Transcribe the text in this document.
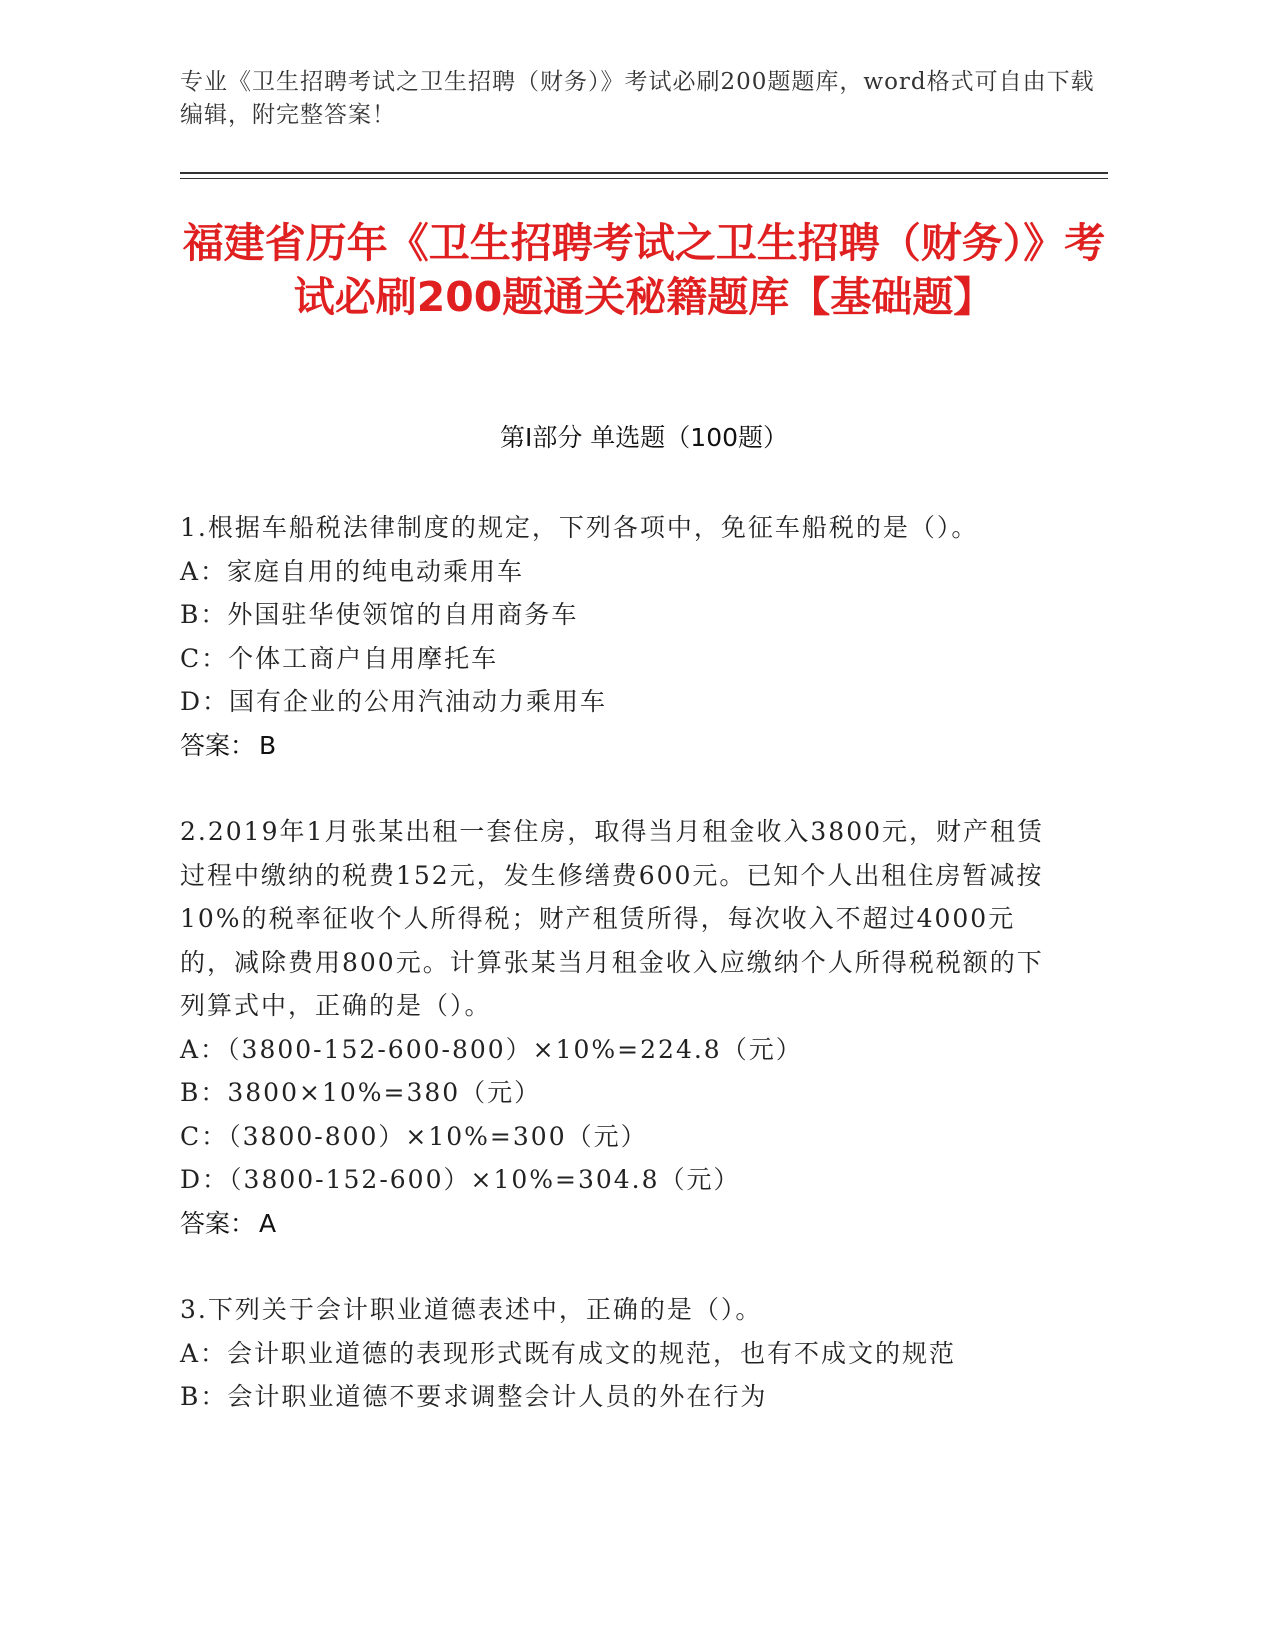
专业《卫生招聘考试之卫生招聘（财务）》考试必刷200题题库，word格式可自由下载编辑，附完整答案！
福建省历年《卫生招聘考试之卫生招聘（财务）》考试必刷200题通关秘籍题库【基础题】
第Ⅰ部分 单选题（100题）
1.根据车船税法律制度的规定，下列各项中，免征车船税的是（）。
A：家庭自用的纯电动乘用车
B：外国驻华使领馆的自用商务车
C：个体工商户自用摩托车
D：国有企业的公用汽油动力乘用车
答案： B
2.2019年1月张某出租一套住房，取得当月租金收入3800元，财产租赁过程中缴纳的税费152元，发生修缮费600元。已知个人出租住房暂减按10%的税率征收个人所得税；财产租赁所得，每次收入不超过4000元的，减除费用800元。计算张某当月租金收入应缴纳个人所得税税额的下列算式中，正确的是（）。
A：（3800-152-600-800）×10%=224.8（元）
B：3800×10%=380（元）
C：（3800-800）×10%=300（元）
D：（3800-152-600）×10%=304.8（元）
答案： A
3.下列关于会计职业道德表述中，正确的是（）。
A：会计职业道德的表现形式既有成文的规范，也有不成文的规范
B：会计职业道德不要求调整会计人员的外在行为
